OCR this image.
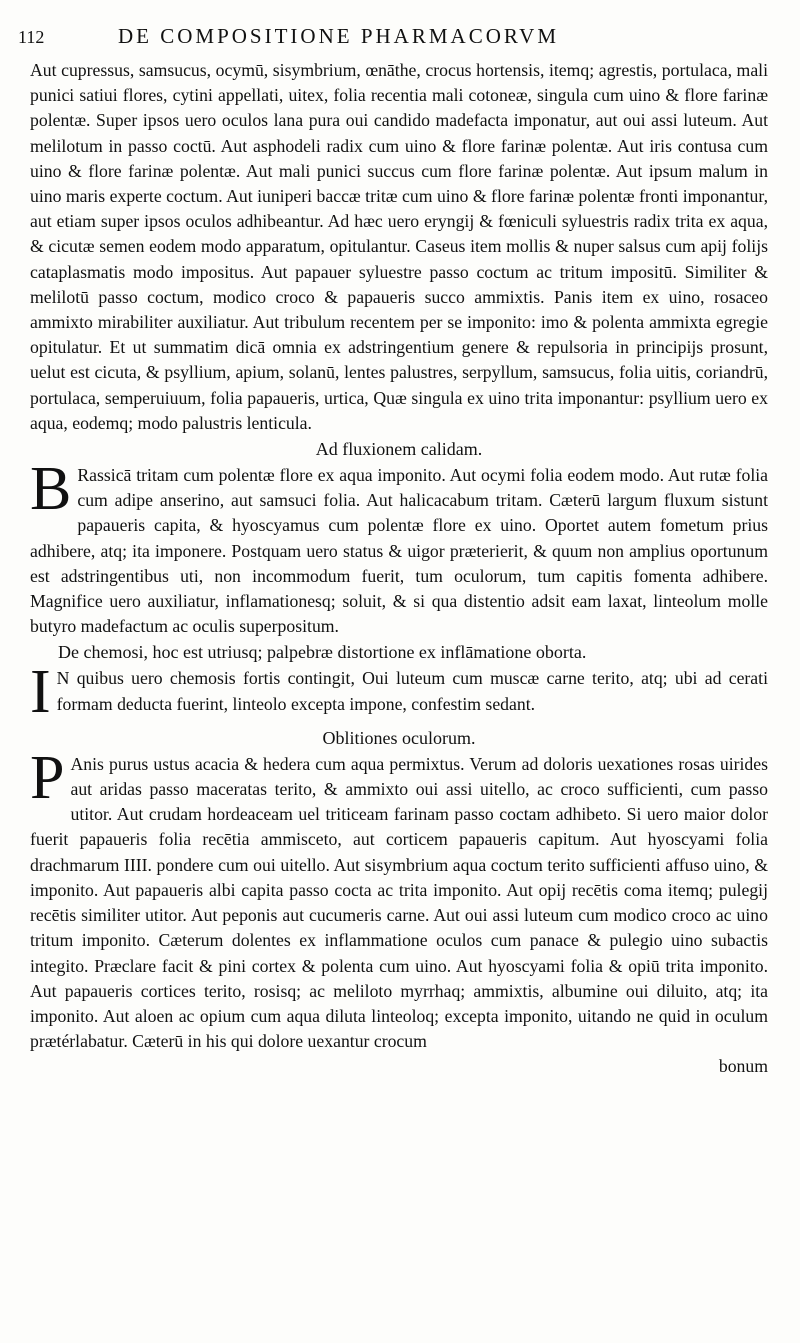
112	DE COMPOSITIONE PHARMACORVM

Aut cupressus, samsucus, ocymū, sisymbrium, œnāthe, crocus hortensis, itemq; agrestis, portulaca, mali punici satiui flores, cytini appellati, uitex, folia recentia mali cotoneæ, singula cum uino & flore farinæ polentæ. Super ipsos uero oculos lana pura oui candido madefacta imponatur, aut oui assi luteum. Aut melilotum in passo coctū. Aut asphodeli radix cum uino & flore farinæ polentæ. Aut iris contusa cum uino & flore farinæ polentæ. Aut mali punici succus cum flore farinæ polentæ. Aut ipsum malum in uino maris experte coctum. Aut iuniperi baccæ tritæ cum uino & flore farinæ polentæ fronti imponantur, aut etiam super ipsos oculos adhibeantur. Ad hæc uero eryngij & fœniculi syluestris radix trita ex aqua, & cicutæ semen eodem modo apparatum, opitulantur. Caseus item mollis & nuper salsus cum apij folijs cataplasmatis modo impositus. Aut papauer syluestre passo coctum ac tritum impositū. Similiter & melilotū passo coctum, modico croco & papaueris succo ammixtis. Panis item ex uino, rosaceo ammixto mirabiliter auxiliatur. Aut tribulum recentem per se imponito: imo & polenta ammixta egregie opitulatur. Et ut summatim dicā omnia ex adstringentium genere & repulsoria in principijs prosunt, uelut est cicuta, & psyllium, apium, solanū, lentes palustres, serpyllum, samsucus, folia uitis, coriandrū, portulaca, semperuiuum, folia papaueris, urtica, Quæ singula ex uino trita imponantur: psyllium uero ex aqua, eodemq; modo palustris lenticula.

Ad fluxionem calidam.

B Rassicā tritam cum polentæ flore ex aqua imponito. Aut ocymi folia eodem modo. Aut rutæ folia cum adipe anserino, aut samsuci folia. Aut halicacabum tritam. Cæterū largum fluxum sistunt papaueris capita, & hyoscyamus cum polentæ flore ex uino. Oportet autem fometum prius adhibere, atq; ita imponere. Postquam uero status & uigor præterierit, & quum non amplius oportunum est adstringentibus uti, non incommodum fuerit, tum oculorum, tum capitis fomenta adhibere. Magnifice uero auxiliatur, inflamationesq; soluit, & si qua distentio adsit eam laxat, linteolum molle butyro madefactum ac oculis superpositum.

De chemosi, hoc est utriusq; palpebræ distortione ex inflāmatione oborta.

I N quibus uero chemosis fortis contingit, Oui luteum cum muscæ carne terito, atq; ubi ad cerati formam deducta fuerint, linteolo excepta impone, confestim sedant.

Oblitiones oculorum.

P Anis purus ustus acacia & hedera cum aqua permixtus. Verum ad doloris uexationes rosas uirides aut aridas passo maceratas terito, & ammixto oui assi uitello, ac croco sufficienti, cum passo utitor. Aut crudam hordeaceam uel triticeam farinam passo coctam adhibeto. Si uero maior dolor fuerit papaueris folia recētia ammisceto, aut corticem papaueris capitum. Aut hyoscyami folia drachmarum IIII. pondere cum oui uitello. Aut sisymbrium aqua coctum terito sufficienti affuso uino, & imponito. Aut papaueris albi capita passo cocta ac trita imponito. Aut opij recētis coma itemq; pulegij recētis similiter utitor. Aut peponis aut cucumeris carne. Aut oui assi luteum cum modico croco ac uino tritum imponito. Cæterum dolentes ex inflammatione oculos cum panace & pulegio uino subactis integito. Præclare facit & pini cortex & polenta cum uino. Aut hyoscyami folia & opiū trita imponito. Aut papaueris cortices terito, rosisq; ac meliloto myrrhaq; ammixtis, albumine oui diluito, atq; ita imponito. Aut aloen ac opium cum aqua diluta linteoloq; excepta imponito, uitando ne quid in oculum prætérlabatur. Cæterū in his qui dolore uexantur crocum

bonum
